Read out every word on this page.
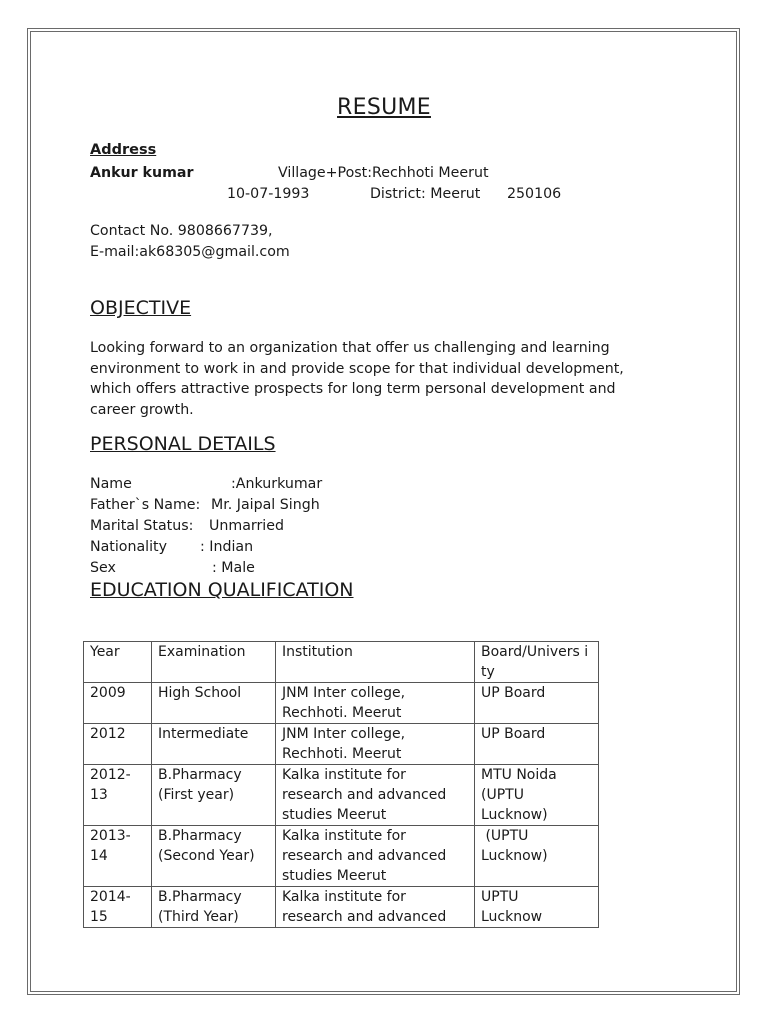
RESUME
Address
Ankur kumar	Village+Post:Rechhoti Meerut
10-07-1993	District: Meerut 250106
Contact No. 9808667739,
E-mail:ak68305@gmail.com
OBJECTIVE
Looking forward to an organization that offer us challenging and learning
environment to work in and provide scope for that individual development,
which offers attractive prospects for long term personal development and
career growth.
PERSONAL DETAILS
Name	:Ankurkumar
Father`s Name: Mr. Jaipal Singh
Marital Status: Unmarried
Nationality : Indian
Sex	: Male
EDUCATION QUALIFICATION
Year	Examination	Institution	Board/Univers ity

2009	High School	JNM Inter college,
Rechhoti. Meerut	UP Board

2012	Intermediate	JNM Inter college,
Rechhoti. Meerut	UP Board

2012-
13	B.Pharmacy
(First year)	Kalka institute for
research and advanced
studies Meerut	MTU Noida
(UPTU
Lucknow)

2013-
14	B.Pharmacy
(Second Year)	Kalka institute for
research and advanced
studies Meerut	(UPTU
Lucknow)

2014-
15	B.Pharmacy
(Third Year)	Kalka institute for
research and advanced	UPTU
Lucknow
